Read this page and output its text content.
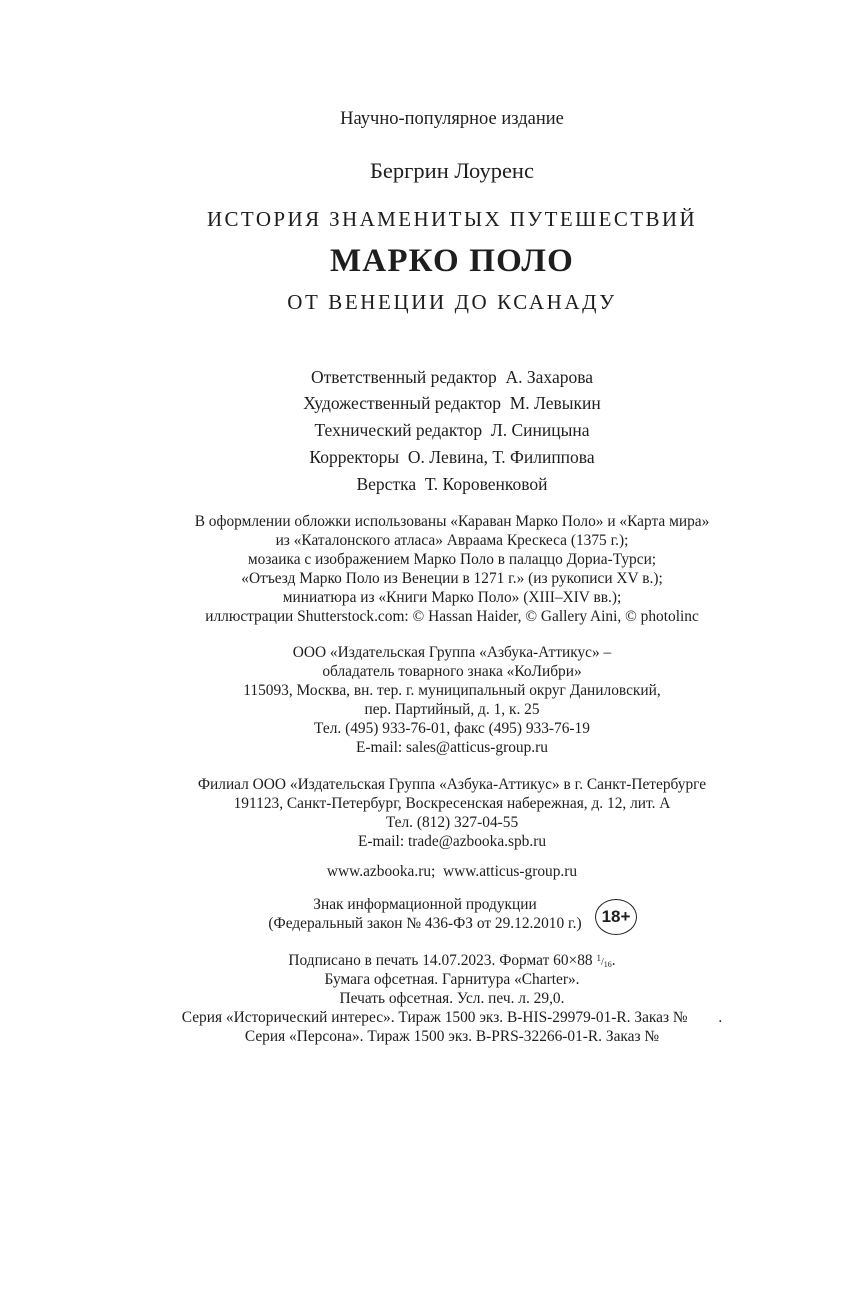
Научно-популярное издание
Бергрин Лоуренс
ИСТОРИЯ ЗНАМЕНИТЫХ ПУТЕШЕСТВИЙ
МАРКО ПОЛО
ОТ ВЕНЕЦИИ ДО КСАНАДУ
Ответственный редактор  А. Захарова
Художественный редактор  М. Левыкин
Технический редактор  Л. Синицына
Корректоры  О. Левина, Т. Филиппова
Верстка  Т. Коровенковой
В оформлении обложки использованы «Караван Марко Поло» и «Карта мира»
из «Каталонского атласа» Авраама Крескеса (1375 г.);
мозаика с изображением Марко Поло в палаццо Дориа-Турси;
«Отъезд Марко Поло из Венеции в 1271 г.» (из рукописи XV в.);
миниатюра из «Книги Марко Поло» (XIII–XIV вв.);
иллюстрации Shutterstock.com: © Hassan Haider, © Gallery Aini, © photolinc
ООО «Издательская Группа «Азбука-Аттикус» –
обладатель товарного знака «КоЛибри»
115093, Москва, вн. тер. г. муниципальный округ Даниловский,
пер. Партийный, д. 1, к. 25
Тел. (495) 933-76-01, факс (495) 933-76-19
E-mail: sales@atticus-group.ru
Филиал ООО «Издательская Группа «Азбука-Аттикус» в г. Санкт-Петербурге
191123, Санкт-Петербург, Воскресенская набережная, д. 12, лит. А
Тел. (812) 327-04-55
E-mail: trade@azbooka.spb.ru
www.azbooka.ru;  www.atticus-group.ru
Знак информационной продукции
(Федеральный закон № 436-ФЗ от 29.12.2010 г.)	18+
Подписано в печать 14.07.2023. Формат 60×88 $^1/_{16}$.
Бумага офсетная. Гарнитура «Charter».
Печать офсетная. Усл. печ. л. 29,0.
Серия «Исторический интерес». Тираж 1500 экз. В-HIS-29979-01-R. Заказ №        .
Серия «Персона». Тираж 1500 экз. В-PRS-32266-01-R. Заказ №
